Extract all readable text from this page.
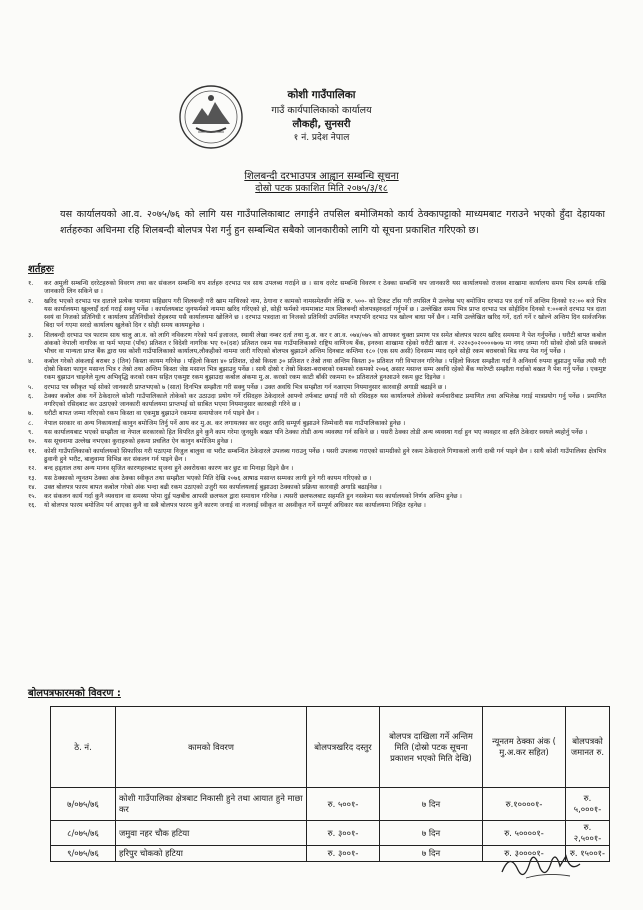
कोशी गाउँपालिका
गाउँ कार्यपालिकाको कार्यालय
लौकही, सुनसरी
१ नं. प्रदेश नेपाल
शिलबन्दी दरभाउपत्र आह्वान सम्बन्धि सूचना
दोस्रो पटक प्रकाशित मिति २०७५/३/१८
यस कार्यालयको आ.व. २०७५/७६ को लागि यस गाउँपालिकाबाट लगाईने तपसिल बमोजिमको कार्य ठेक्कापट्टाको माध्यमबाट गराउने भएको हुँदा देहायका शर्तहरुका अधिनमा रहि शिलबन्दी बोलपत्र पेश गर्नु हुन सम्बन्धित सबैको जानकारीको लागि यो सूचना प्रकाशित गरिएको छ।
शर्तहरुः
१.	कर अमुली सम्बन्धि दररेटहरुको विवरण तथा कर संकलन सम्बन्धि थप शर्तहरु दरभाउ पत्र साथ उपलब्ध गराईने छ । साथ दररेट सम्बन्धि विवरण र ठेक्का सम्बन्धि थप जानकारी यस कार्यालयको राजस्व शाखामा कार्यालय समय भित्र सम्पर्क राखि जानकारी लिन सकिने छ ।
२.	खरिद भएको दरभाउ पत्र दाताले प्रत्येक पानामा सहिछाप गरी शिलबन्दी गरी खाम माथिरको नाम, ठेगाना र कामको नामसमेतसँग लेखि रु. ५००- को टिकट टाँस गरी तपसिल मै उल्लेख भए बमोजिम दरभाउ पत्र दर्ता गर्ने अन्तिम दिनको १२:०० बजे भित्र यस कार्यालयमा खुल्लाईँ दर्ता गराई सक्नु पर्नेछ । कार्यालयबाट जुनफर्मको नाममा खरिद गरिएको हो, सोही फर्मको नाममाबाट मात्र शिलबन्दी बोलपत्रहरुदर्ता गर्नुपर्ने छ । उल्लेखित समय भित्र प्राप्त दरभाउ पत्र सोहीदिन दिनको १:००बजे दरभाउ पत्र दाता स्वयं वा निजको प्रतिनिधी र कार्यालय प्रतिनिधीको रोहबरमा यसै कार्यालयमा खोलिने छ । दरभाउ पत्रदाता वा निजको प्रतिनिधी उपस्थित नभएपनि दरभाउ पत्र खोल्न बाधा पर्ने छैन । माथि उल्लेखित खरिद गर्ने, दर्ता गर्ने र खोल्ने अन्तिम दिन सार्वजनिक बिदा पर्न गएमा सरदो कार्यालय खुलेको दिन र सोही समय कायमहुनेछ ।
३.	शिलबन्दी दरभाउ पत्र फाराम साथ चालु आ.व. को लागि नविकरण गरेको फर्म इजाजत, स्थायी लेखा नम्बर दर्ता तथा मु.अ. कर र आ.व. ०७४/०७५ को आयकर चुक्ता प्रमाण पत्र समेत बोलपत्र फारम खरिद समयमा नै पेश गर्नुपर्नेछ । धरौटी बापत कबोल अंकको नेपाली नागरिक वा फर्म भएमा (पाँच) प्रतिशत र विदेशी नागरिक भए १०(दश) प्रतिशत रकम यस गाउँपालिकाको राष्ट्रिय वाणिज्य बैंक, इनरुवा शाखामा रहेको धरौटी खाता नं. २२२०३०२००००७०७ मा नगद जम्मा गरी सोको दोस्रो प्रति सक्कले भौचर वा मान्यता प्राप्त बैंक द्वारा यस कोशी गाउँपालिकाको कार्यालय,लौकहीको नाममा जारी गरिएको बोलपत्र बुझाउने अन्तिम दिनबाट कम्तिमा १८० (एक सय असी) दिनसम्म म्याद रहने सोही रकम बराबरको बिड वण्ड पेश गर्नु पर्नेछ ।
४.	कबोल गरेको अंकलाई बराबर ३ (तिन) किस्ता कायम गरिनेछ । पहिलो किस्ता ४० प्रतिशत, दोस्रो किस्ता ३० प्रतिशत र तेस्रो तथा अन्तिम किस्ता ३० प्रतिशत गरी विभाजन गरिनेछ । पहिलो किस्ता सम्झौता गर्दा नै अनिवार्य रुपमा बुझाउनु पर्नेछ त्यसै गरी दोस्रो किस्ता फागुन मसान्त भित्र र तेस्रो तथा अन्तिम किस्ता जेष्ठ मसान्त भित्र बुझाउनु पर्नेछ । साथै दोस्रो र तेस्रो किस्ता-बराबरको रकमको रकमको २०७६ असार मसान्त सम्म अवधि रहेको बैंक ग्यारेण्टी सम्झौता गर्दाको बखत नै पेश गर्नु पर्नेछ । एकमुष्ट रकम बुझाउन चाहनेले मूल्य अभिवृद्धि करको रकम सहित एकमुष्ट रकम बुझाउदा कबोल अंकमा मु.अ. करको रकम काटी बाँकी रकममा १० प्रतिशतले हुनआउने रकम छुट दिइनेछ ।
५.	दरभाउ पत्र स्वीकृत भई सोको जानकारी प्राप्तभएको ७ (सात) दिनभित्र सम्झौता गरी सक्नु पर्नेछ । उक्त अवधि भित्र सम्झौता गर्न नआएमा नियमानुसार कारवाही अगाडी बढाईने छ ।
६.	ठेक्का कबोल अंक गर्ने ठेकेदारले कोशी गाउँपालिकाले तोकेको कर उठाउदा प्रयोग गर्ने रसिदहरु ठेकेदारले आफ्नो तर्फबाट छपाई गरी सो रसिदहरु यस कार्यालयले तोकेको कर्मचारीबाट प्रमाणित तथा अभिलेख गराई मात्रप्रयोग गर्नु पर्नेछ । प्रमाणित नगरिएको रसिदबाट कर उठाएको जानकारी कार्यालयमा प्राप्तभई सो साबित भएमा नियमानुसार कारबाही गरिने छ ।
७.	धरौटी बापत जम्मा गरिएको रकम किस्ता वा एकमुष्ठ बुझाउने रकममा समायोजन गर्न पाइने छैन ।
८.	नेपाल सरकार वा अन्य निकायलाई कानुन बमोजिम तिर्नु पर्ने आय कर मु.अ. कर लगायतका कर दस्तुर आदि सम्पूर्ण बुझाउने जिम्मेवारी यस गाउँपालिकाको हुनेछ ।
९.	यस कार्यालयबाट भएको सम्झौता वा नेपाल सरकारको हित विपरित हुने कुनै काम गरेमा जुनसुकै बखत पनि ठेक्का तोडी अन्य व्यवस्था गर्न सकिने छ । यसरी ठेक्का तोडी अन्य व्यवस्था गर्दा हुन भए व्यवहार वा क्षति ठेकेदार स्वयले ब्यहोर्नु पर्नेछ ।
१०.	यस सूचनामा उल्लेख नभएका कुराहरुको हकमा प्रचलित ऐन कानुन बमोजिम हुनेछ ।
११.	कोशी गाउँपालिकाको कार्यालयको सिफारिस गरी पठाएमा निजुल बालुवा वा भरौट सम्बन्धित ठेकेदारले उपलब्ध गराउनु पर्नेछ । यसरी उपलब्ध गराएको सामग्रीको हुने रकम ठेकेदारले गिणाकलो लागी दाबी गर्न पाइने छैन । साथै कोशी गाउँपालिका क्षेत्रभित्र ढुवानी हुने भरौट, बालुवामा विभिन्न कर संकलन गर्न पाइने छैन ।
१२.	बन्द हड्ताल तथा अन्य मानव सृजित कारणहरुबाट सृजना हुने अवरोधका कारण कर छुट वा मिनाहा दिइने छैन ।
१३.	यस ठेक्काको न्यूनतम ठेक्का अंक ठेक्का स्वीकृत तथा सम्झौता भएको मिति देखि २०७६ आषाढ मसान्त सम्मका लागी हुने गरी कायम गरिएको छ ।
१४.	उक्त बोलपत्र फारम बापत कबोल गरेको अंक भन्दा बढी रकम उठाएको उजुरी यस कार्यालयलाई बुझाउदा ठेक्काको प्रक्रिया कारवाही अगाडि बढाईनेछ ।
१५.	कर संकलन कार्य गर्दा कुनै व्यवधान वा समस्या परेमा दुई पक्षबीच आपसी छलफल द्वारा समाधान गरिनेछ । त्यसरी छलफलबाट सहमति हुन नसकेमा यस कार्यालयको निर्णय अन्तिम हुनेछ ।
१६.	यो बोलपत्र फारम बमोजिम पर्न आएका कुनै वा सबै बोलपत्र फारम कुनै कारण जनाई वा नजनाई स्वीकृत वा अस्वीकृत गर्ने सम्पूर्ण अधिकार यस कार्यालयमा निहित रहनेछ ।
बोलपत्रफारमको विवरण :
ठे. नं.	कामको विवरण	बोलपत्रखरिद दस्तुर	बोलपत्र दाखिला गर्ने अन्तिम मिति (दोस्रो पटक सूचना प्रकाशन भएको मिति देखि)	न्यूनतम ठेक्का अंक ( मु.अ.कर सहित)	बोलपत्रको जमानत रु.
७/०७५/७६	कोशी गाउँपालिका क्षेत्रबाट निकासी हुने तथा आयात हुने माछा कर	रु. ५००१-	७ दिन	रु.१००००१-	रु. ५,०००१-
८/०७५/७६	जमुवा नहर चौक हटिया	रु. ३००१-	७ दिन	रु. ५००००१-	रु. २,५००१-
९/०७५/७६	हरिपुर चोकको हटिया	रु. ३००१-	७ दिन	रु. ३००००१-	रु. १५००१-
